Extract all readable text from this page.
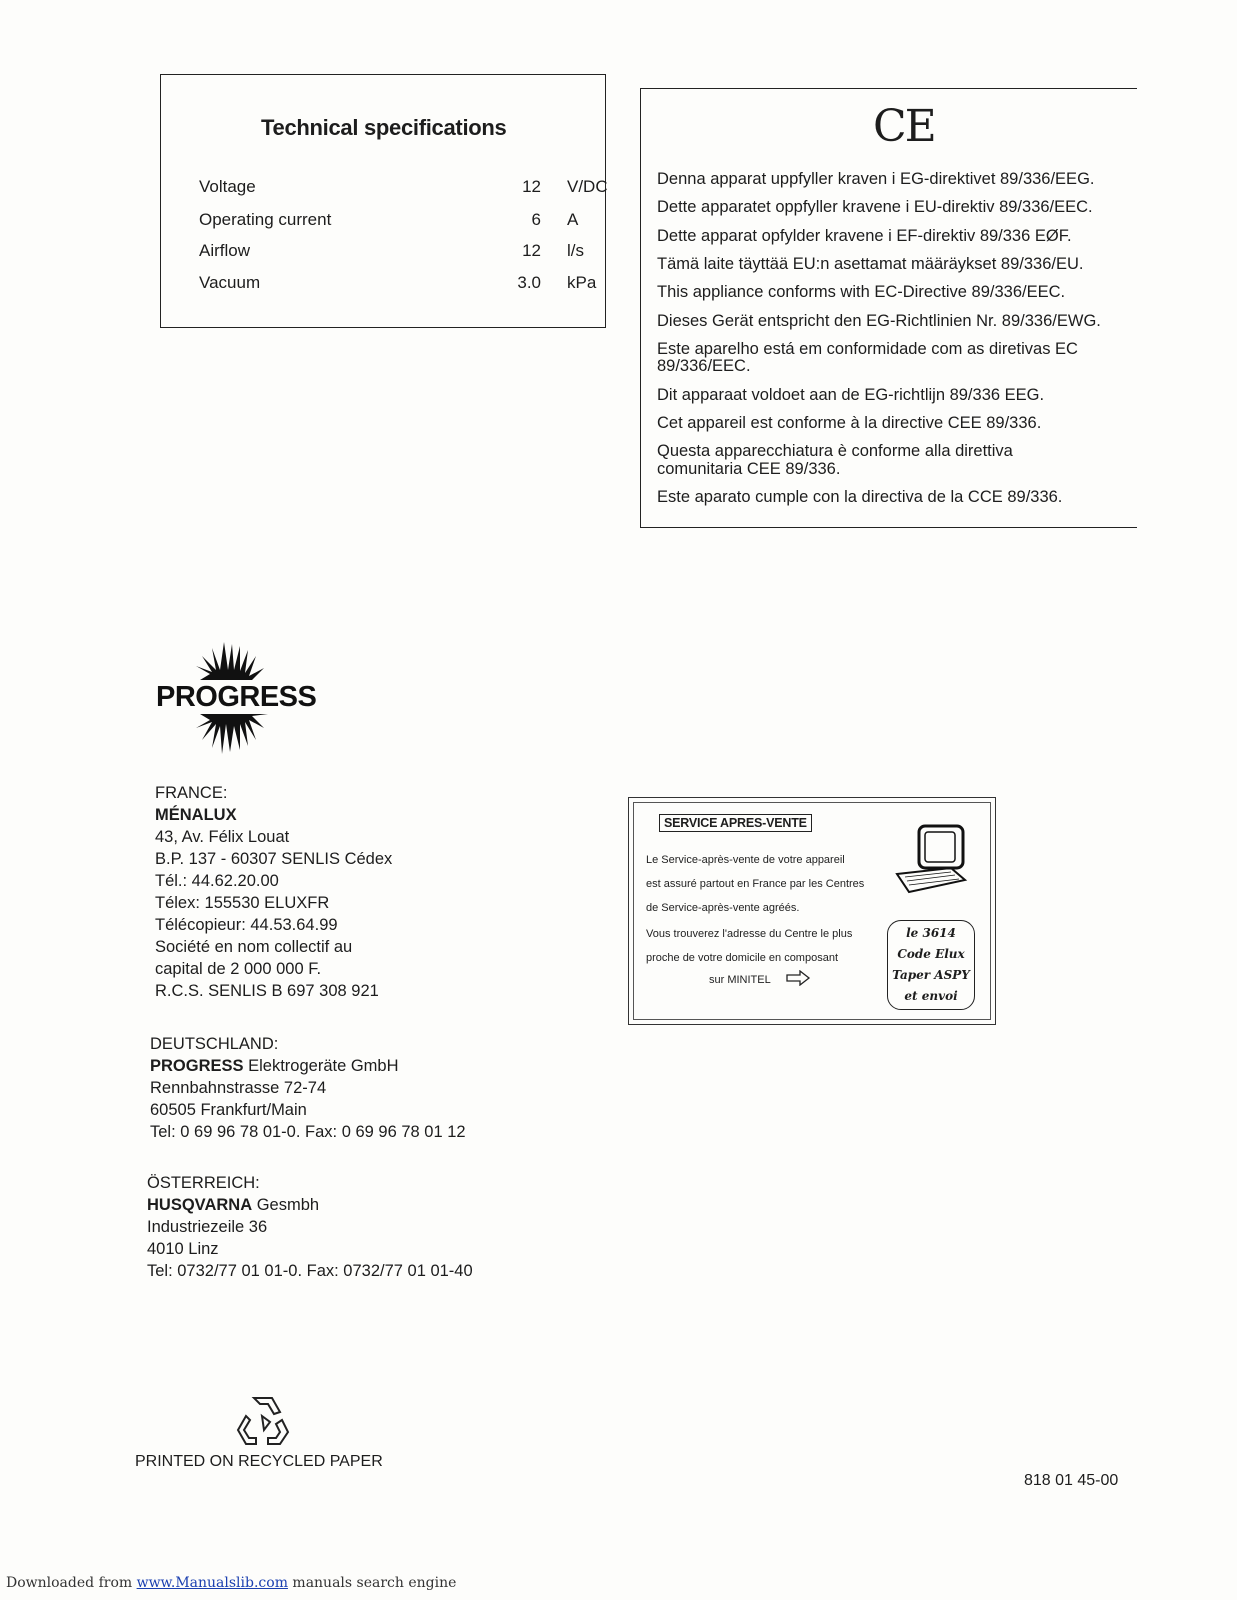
Technical specifications
Voltage	12 V/DC
Operating current	6 A
Airflow	12 l/s
Vacuum	3.0 kPa
CE
Denna apparat uppfyller kraven i EG-direktivet 89/336/EEG.
Dette apparatet oppfyller kravene i EU-direktiv 89/336/EEC.
Dette apparat opfylder kravene i EF-direktiv 89/336 EØF.
Tämä laite täyttää EU:n asettamat määräykset 89/336/EU.
This appliance conforms with EC-Directive 89/336/EEC.
Dieses Gerät entspricht den EG-Richtlinien Nr. 89/336/EWG.
Este aparelho está em conformidade com as diretivas EC
89/336/EEC.
Dit apparaat voldoet aan de EG-richtlijn 89/336 EEG.
Cet appareil est conforme à la directive CEE 89/336.
Questa apparecchiatura è conforme alla direttiva
comunitaria CEE 89/336.
Este aparato cumple con la directiva de la CCE 89/336.
PROGRESS
FRANCE:
MÉNALUX
43, Av. Félix Louat
B.P. 137 - 60307 SENLIS Cédex
Tél.: 44.62.20.00
Télex: 155530 ELUXFR
Télécopieur: 44.53.64.99
Société en nom collectif au
capital de 2 000 000 F.
R.C.S. SENLIS B 697 308 921
DEUTSCHLAND:
PROGRESS Elektrogeräte GmbH
Rennbahnstrasse 72-74
60505 Frankfurt/Main
Tel: 0 69 96 78 01-0. Fax: 0 69 96 78 01 12
ÖSTERREICH:
HUSQVARNA Gesmbh
Industriezeile 36
4010 Linz
Tel: 0732/77 01 01-0. Fax: 0732/77 01 01-40
SERVICE APRES-VENTE
Le Service-après-vente de votre appareil
est assuré partout en France par les Centres
de Service-après-vente agréés.
Vous trouverez l'adresse du Centre le plus
proche de votre domicile en composant
sur MINITEL
le 3614
Code Elux
Taper ASPY
et envoi
PRINTED ON RECYCLED PAPER
818 01 45-00
Downloaded from www.Manualslib.com manuals search engine
